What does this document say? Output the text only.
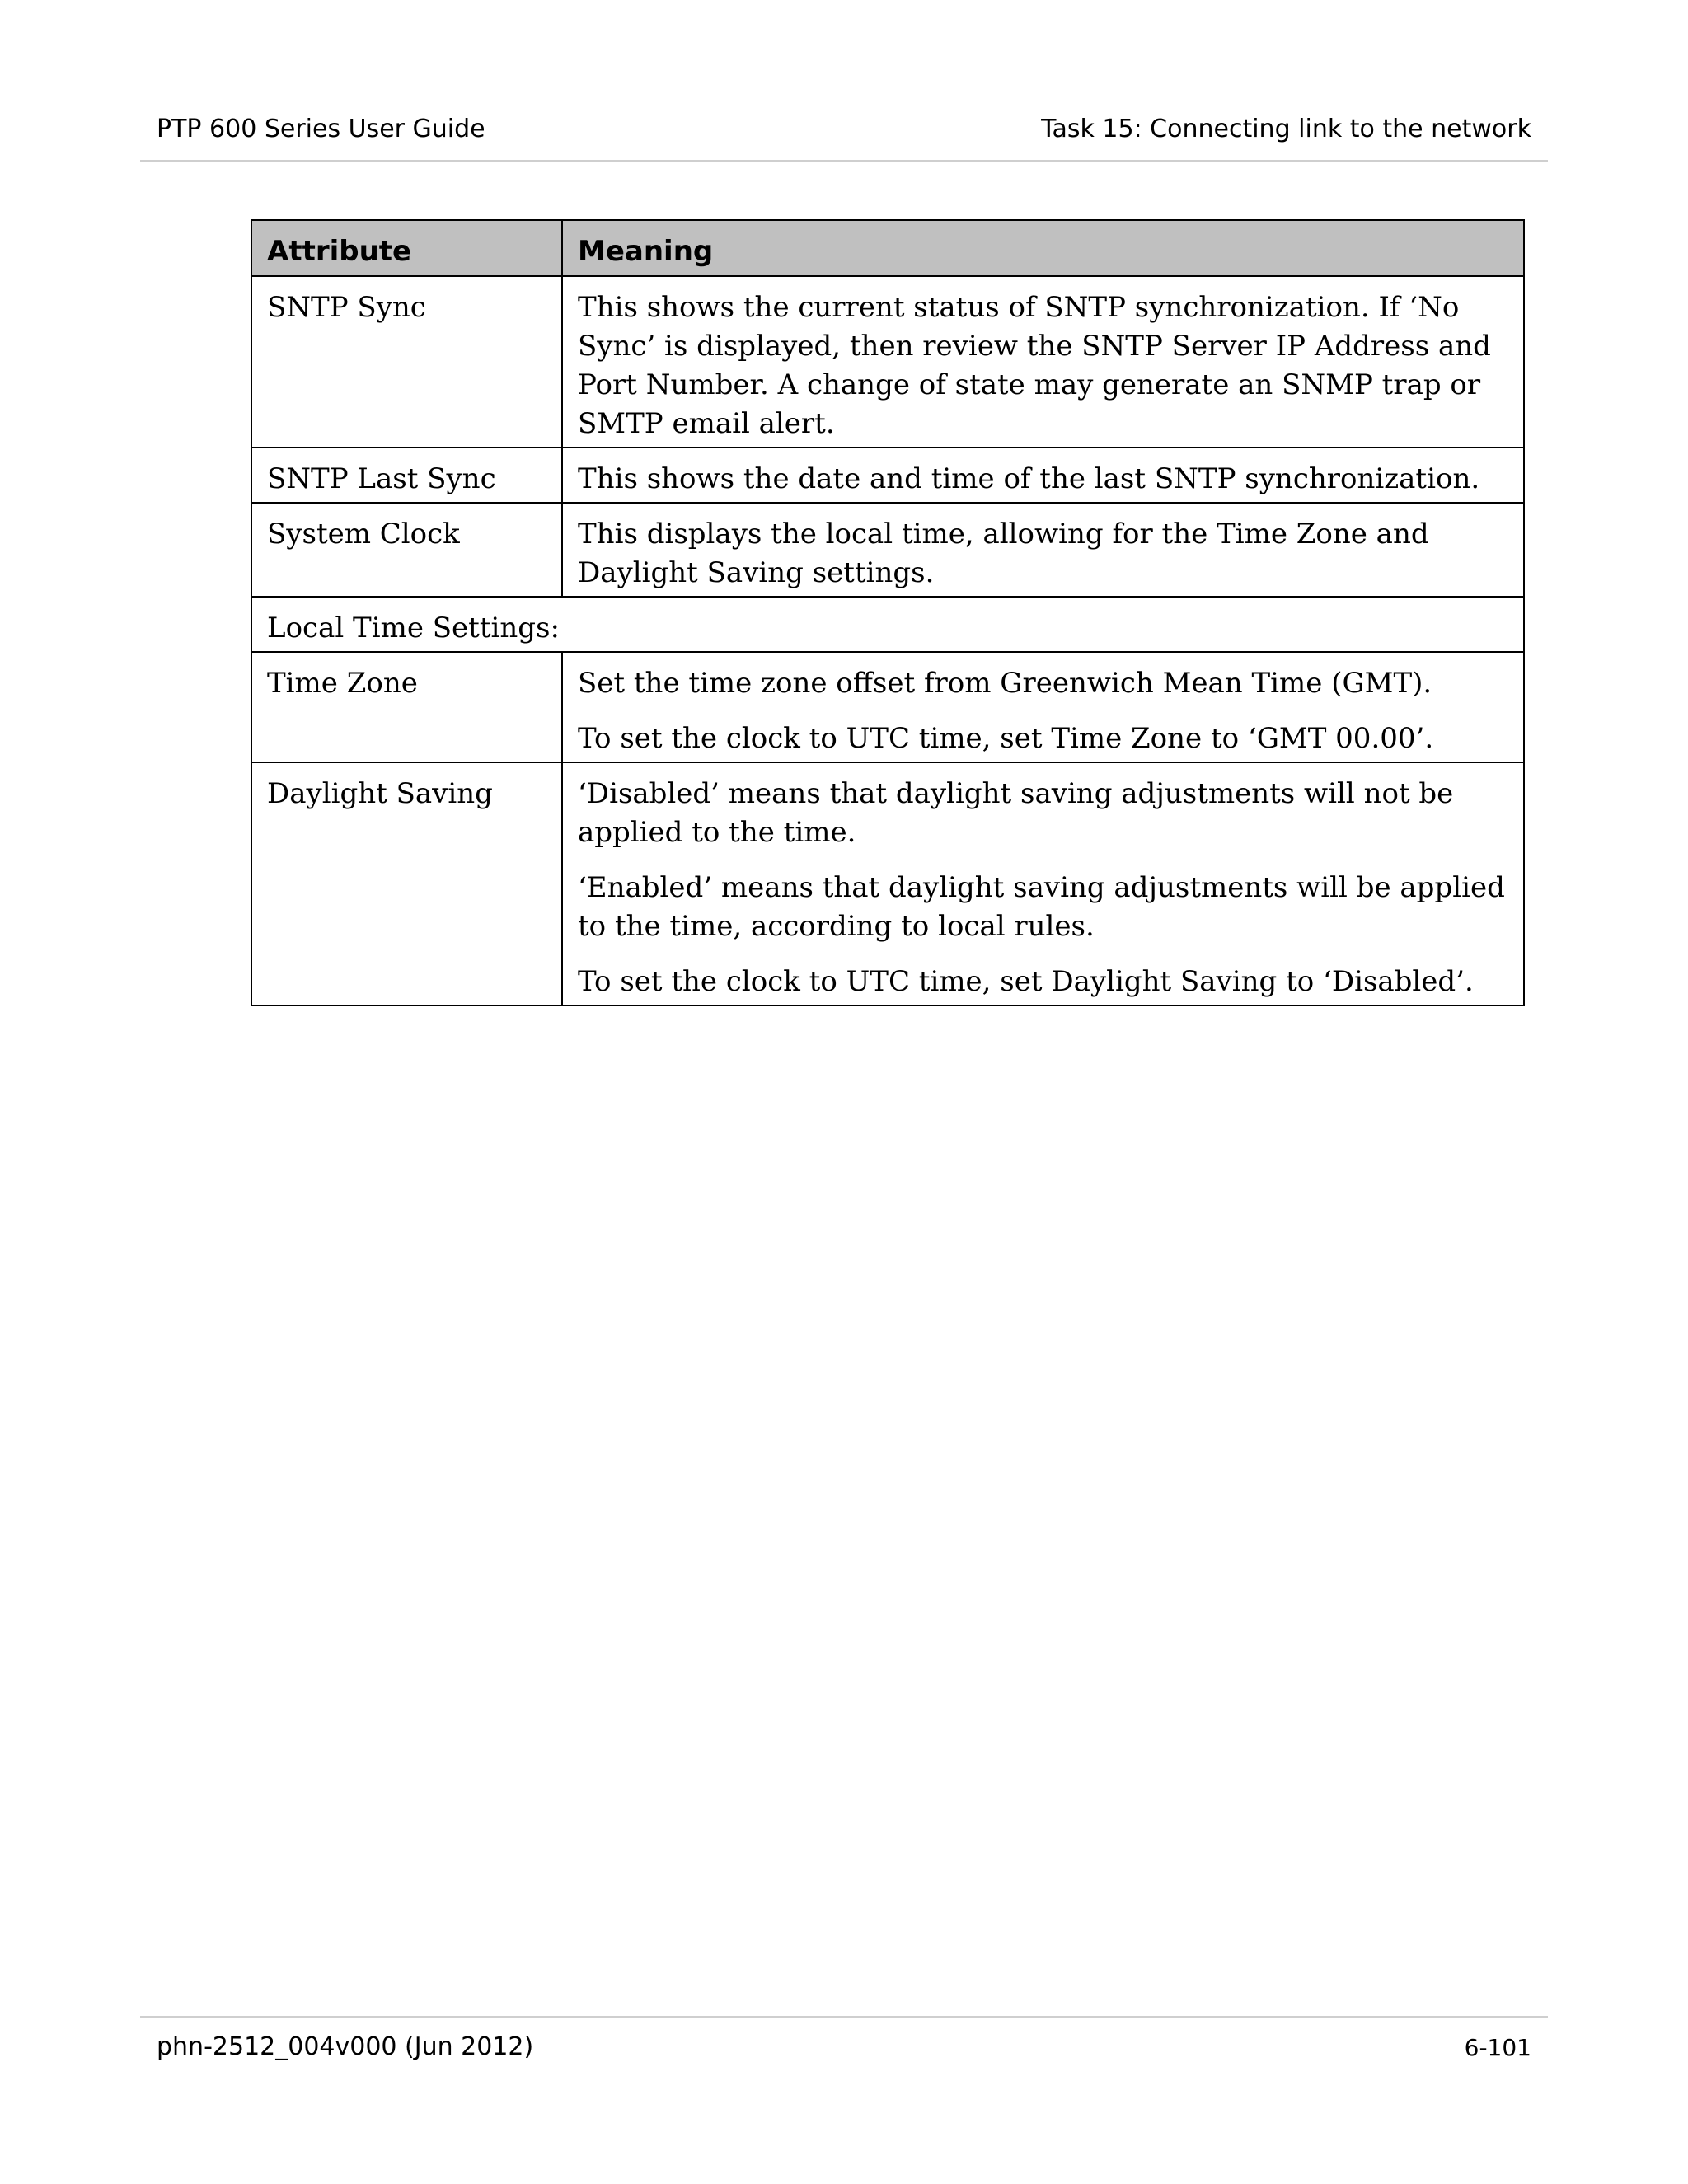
PTP 600 Series User Guide	Task 15: Connecting link to the network
Attribute	Meaning
SNTP Sync	This shows the current status of SNTP synchronization. If ‘No Sync’ is displayed, then review the SNTP Server IP Address and Port Number. A change of state may generate an SNMP trap or SMTP email alert.

SNTP Last Sync	This shows the date and time of the last SNTP synchronization.

System Clock	This displays the local time, allowing for the Time Zone and Daylight Saving settings.

Local Time Settings:	
Time Zone	Set the time zone offset from Greenwich Mean Time (GMT).

To set the clock to UTC time, set Time Zone to ‘GMT 00.00’.

Daylight Saving	‘Disabled’ means that daylight saving adjustments will not be applied to the time.

‘Enabled’ means that daylight saving adjustments will be applied to the time, according to local rules.

To set the clock to UTC time, set Daylight Saving to ‘Disabled’.

phn-2512_004v000 (Jun 2012)	6-101
